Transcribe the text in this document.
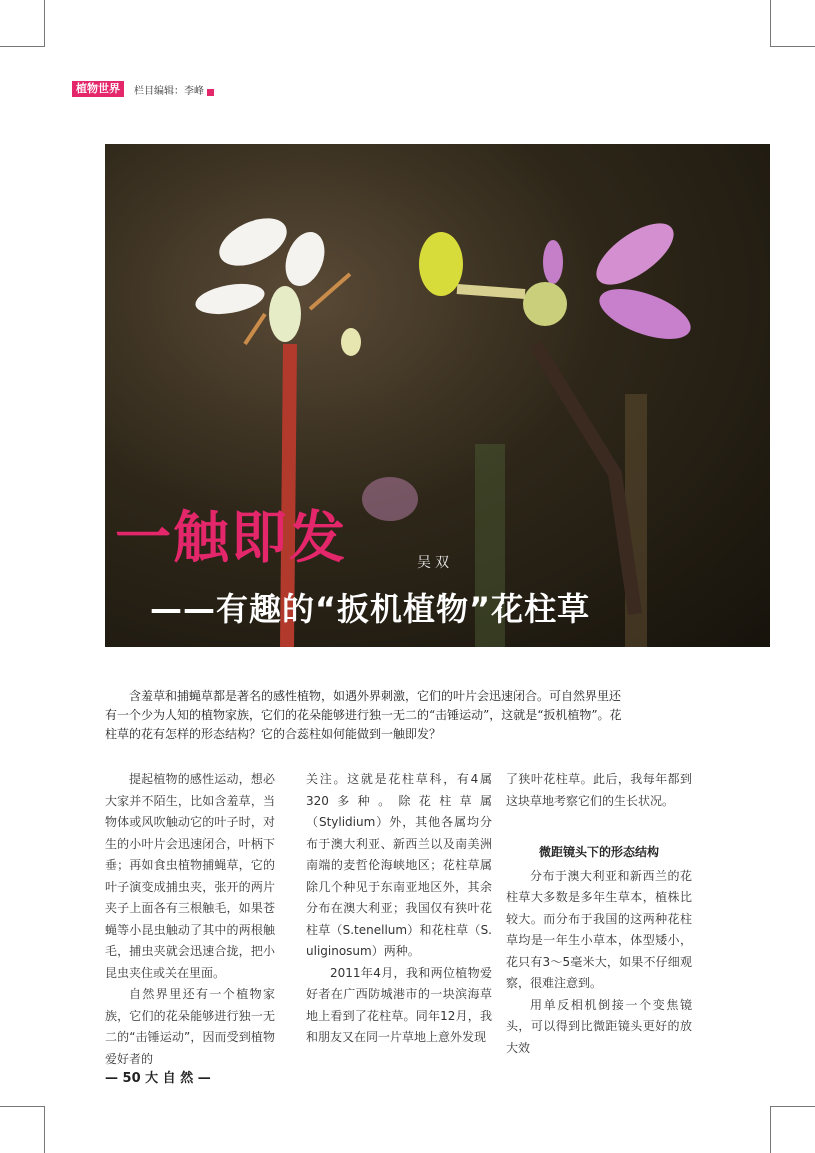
植物世界	栏目编辑：李峰
一触即发	吴双
——有趣的“扳机植物”花柱草
含羞草和捕蝇草都是著名的感性植物，如遇外界刺激，它们的叶片会迅速闭合。可自然界里还有一个少为人知的植物家族，它们的花朵能够进行独一无二的“击锤运动”，这就是“扳机植物”。花柱草的花有怎样的形态结构？它的合蕊柱如何能做到一触即发？

提起植物的感性运动，想必大家并不陌生，比如含羞草，当物体或风吹触动它的叶子时，对生的小叶片会迅速闭合，叶柄下垂；再如食虫植物捕蝇草，它的叶子演变成捕虫夹，张开的两片夹子上面各有三根触毛，如果苍蝇等小昆虫触动了其中的两根触毛，捕虫夹就会迅速合拢，把小昆虫夹住或关在里面。

自然界里还有一个植物家族，它们的花朵能够进行独一无二的“击锤运动”，因而受到植物爱好者的

关注。这就是花柱草科，有4属320多种。除花柱草属（Stylidium）外，其他各属均分布于澳大利亚、新西兰以及南美洲南端的麦哲伦海峡地区；花柱草属除几个种见于东南亚地区外，其余分布在澳大利亚；我国仅有狭叶花柱草（S.tenellum）和花柱草（S. uliginosum）两种。

2011年4月，我和两位植物爱好者在广西防城港市的一块滨海草地上看到了花柱草。同年12月，我和朋友又在同一片草地上意外发现

了狭叶花柱草。此后，我每年都到这块草地考察它们的生长状况。

微距镜头下的形态结构

分布于澳大利亚和新西兰的花柱草大多数是多年生草本，植株比较大。而分布于我国的这两种花柱草均是一年生小草本，体型矮小，花只有3～5毫米大，如果不仔细观察，很难注意到。

用单反相机倒接一个变焦镜头，可以得到比微距镜头更好的放大效

— 50 大 自 然 —
